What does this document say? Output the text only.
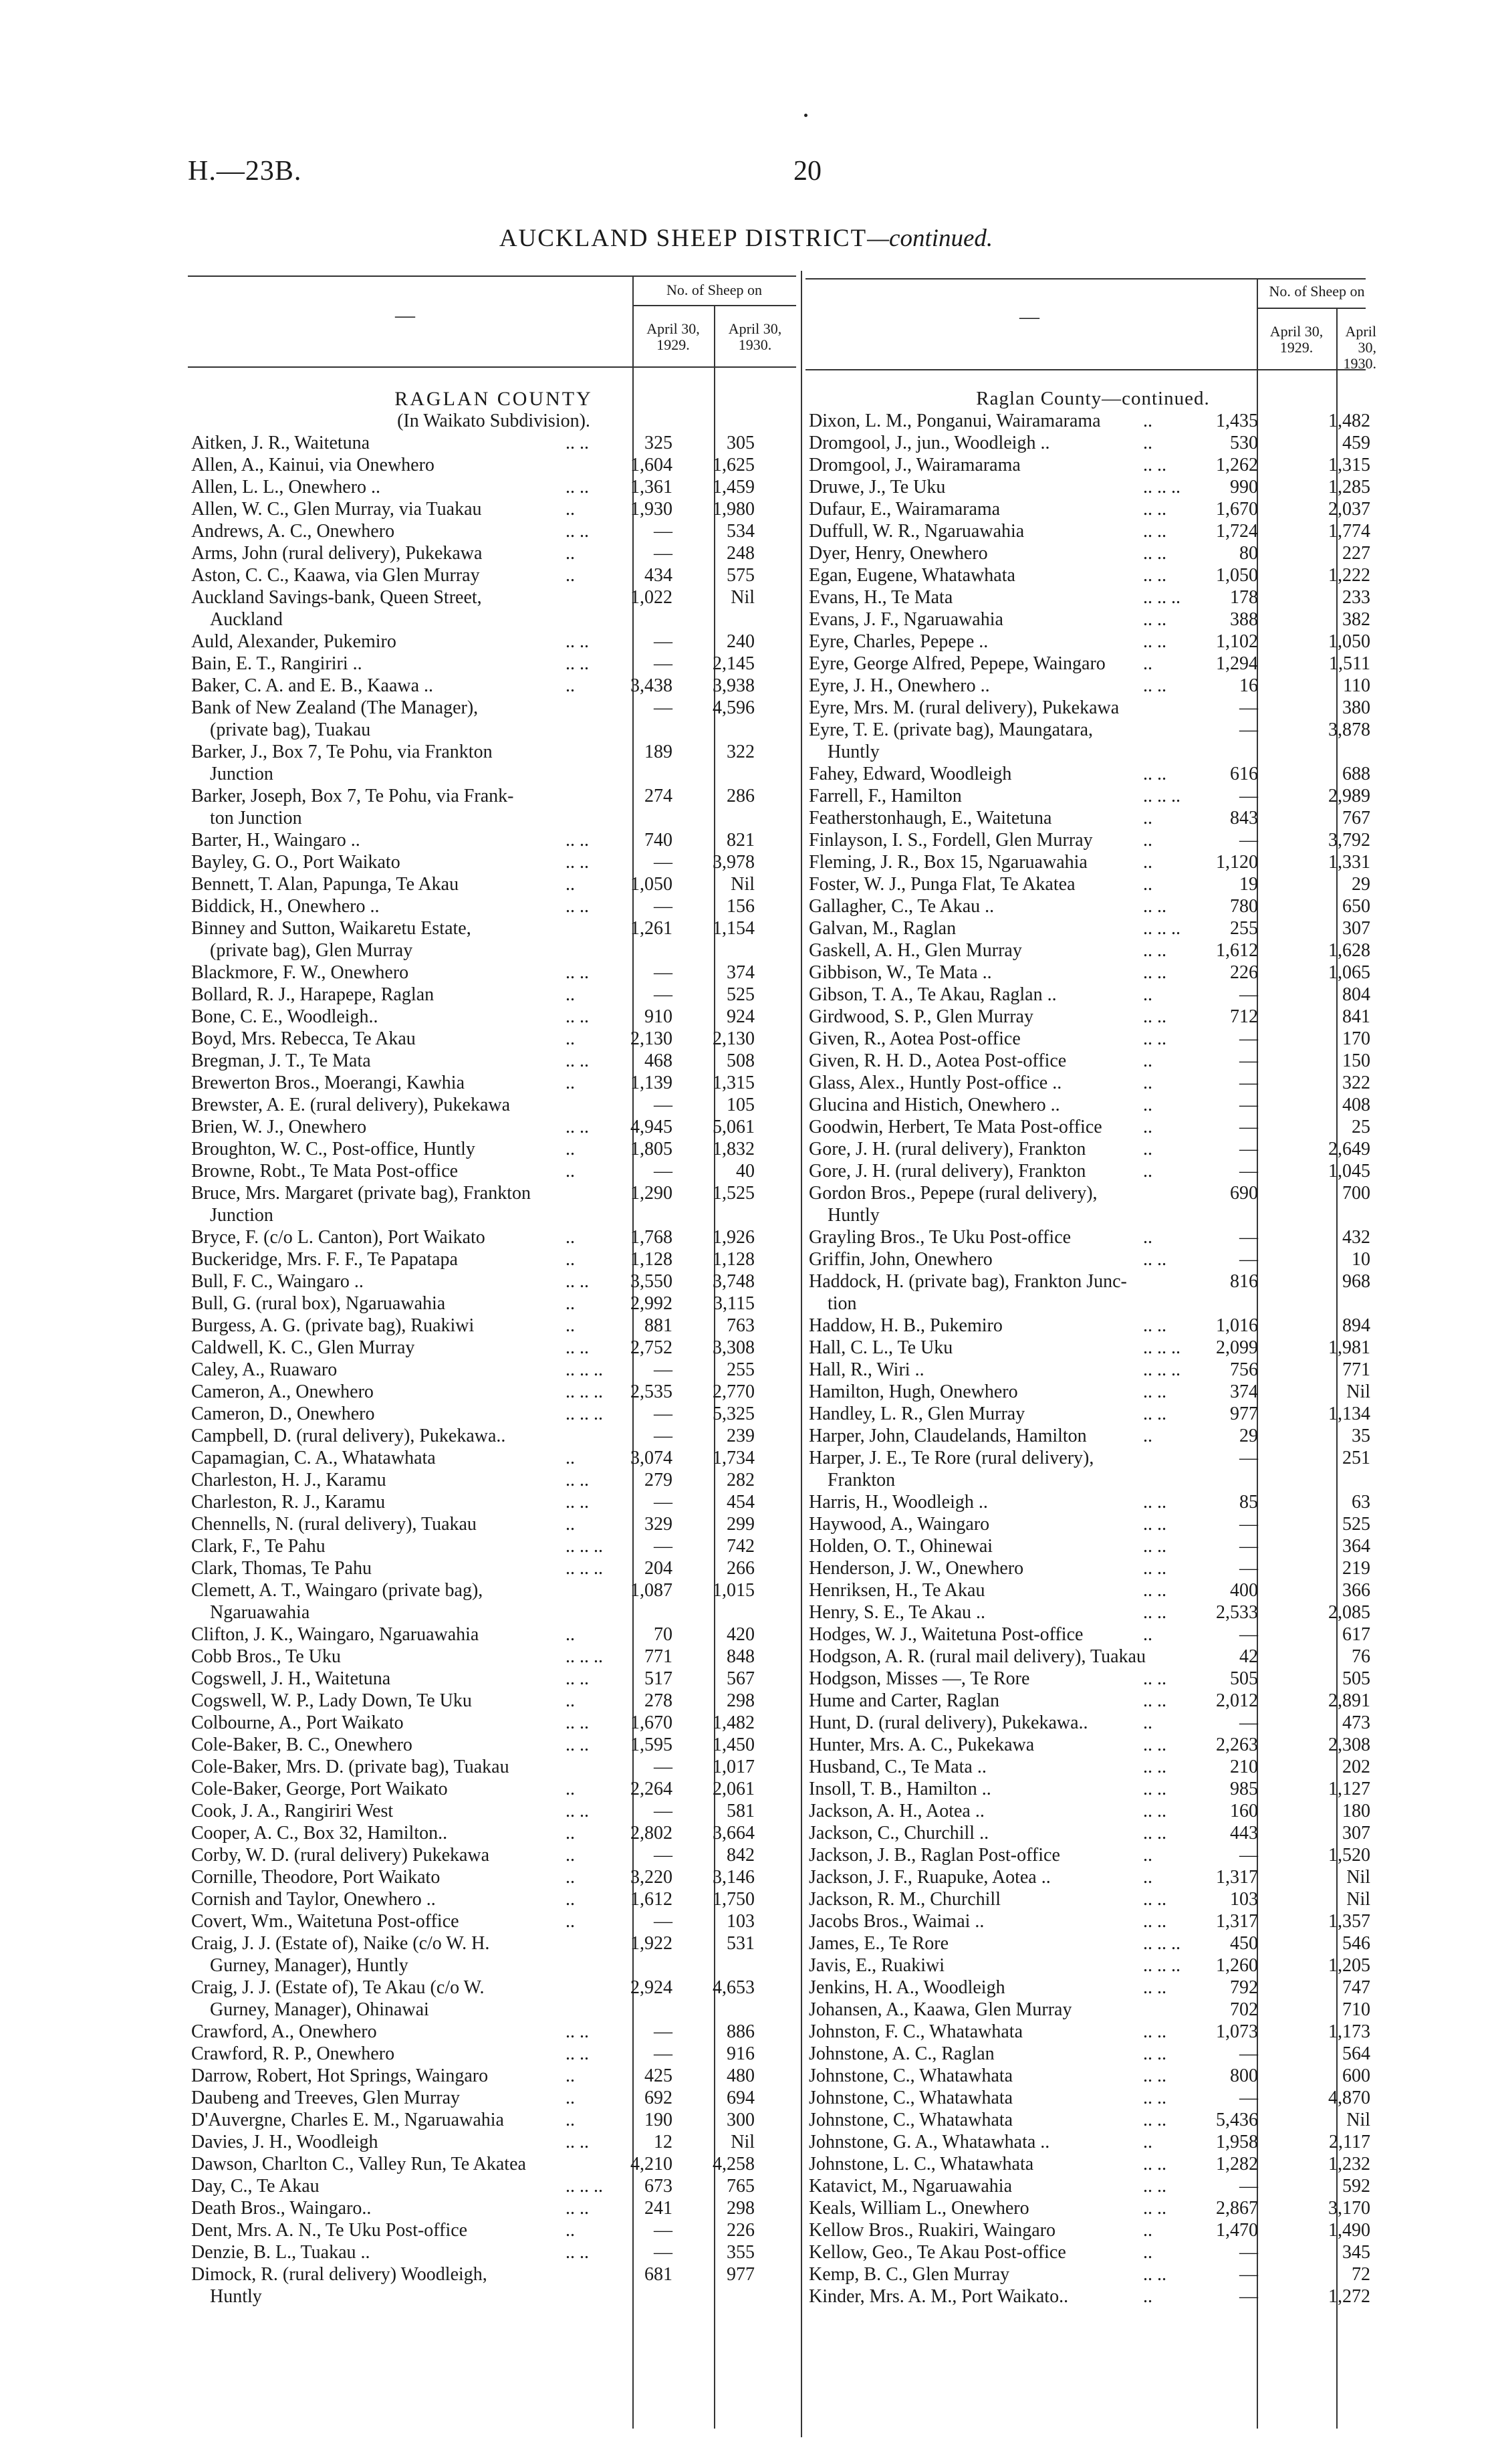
H.—23B.	20
AUCKLAND SHEEP DISTRICT—continued.
—
No. of Sheep on
April 30,
1929.
April 30,
1930.
—
No. of Sheep on
April 30,
1929.
April 30,
1930.
RAGLAN COUNTY
(In Waikato Subdivision).
Aitken, J. R., Waitetuna	.. ..	325	305
Allen, A., Kainui, via Onewhero	1,604 1,625
Allen, L. L., Onewhero ..	.. .. 1,361 1,459
Allen, W. C., Glen Murray, via Tuakau	..	1,930 1,980
Andrews, A. C., Onewhero	.. ..	—	534
Arms, John (rural delivery), Pukekawa	..	—	248
Aston, C. C., Kaawa, via Glen Murray	..	434	575
Auckland Savings-bank, Queen Street,	1,022	Nil
Auckland
Auld, Alexander, Pukemiro	.. ..	—	240
Bain, E. T., Rangiriri ..	.. ..	— 2,145
Baker, C. A. and E. B., Kaawa ..	..	3,438 3,938
Bank of New Zealand (The Manager),	— 4,596
(private bag), Tuakau
Barker, J., Box 7, Te Pohu, via Frankton	189	322
Junction
Barker, Joseph, Box 7, Te Pohu, via Frank-	274	286
ton Junction
Barter, H., Waingaro ..	.. ..	740	821
Bayley, G. O., Port Waikato	.. ..	— 3,978
Bennett, T. Alan, Papunga, Te Akau	..	1,050	Nil
Biddick, H., Onewhero ..	.. ..	—	156
Binney and Sutton, Waikaretu Estate,	1,261 1,154
(private bag), Glen Murray
Blackmore, F. W., Onewhero	.. ..	—	374
Bollard, R. J., Harapepe, Raglan	..	—	525
Bone, C. E., Woodleigh..	.. ..	910	924
Boyd, Mrs. Rebecca, Te Akau	..	2,130 2,130
Bregman, J. T., Te Mata	.. ..	468	508
Brewerton Bros., Moerangi, Kawhia	..	1,139 1,315
Brewster, A. E. (rural delivery), Pukekawa	—	105
Brien, W. J., Onewhero	.. .. 4,945 5,061
Broughton, W. C., Post-office, Huntly	..	1,805 1,832
Browne, Robt., Te Mata Post-office	..	—	40
Bruce, Mrs. Margaret (private bag), Frankton	1,290 1,525
Junction
Bryce, F. (c/o L. Canton), Port Waikato	..	1,768 1,926
Buckeridge, Mrs. F. F., Te Papatapa	..	1,128 1,128
Bull, F. C., Waingaro ..	.. .. 3,550 3,748
Bull, G. (rural box), Ngaruawahia	..	2,992 3,115
Burgess, A. G. (private bag), Ruakiwi	..	881	763
Caldwell, K. C., Glen Murray	.. .. 2,752 3,308
Caley, A., Ruawaro	.. .. ..	—	255
Cameron, A., Onewhero	.. .. .. 2,535 2,770
Cameron, D., Onewhero	.. .. ..	— 5,325
Campbell, D. (rural delivery), Pukekawa..	—	239
Capamagian, C. A., Whatawhata	..	3,074 1,734
Charleston, H. J., Karamu	.. ..	279	282
Charleston, R. J., Karamu	.. ..	—	454
Chennells, N. (rural delivery), Tuakau	..	329	299
Clark, F., Te Pahu	.. .. ..	—	742
Clark, Thomas, Te Pahu	.. .. .. 204	266
Clemett, A. T., Waingaro (private bag),	1,087 1,015
Ngaruawahia
Clifton, J. K., Waingaro, Ngaruawahia	..	70	420
Cobb Bros., Te Uku	.. .. .. 771	848
Cogswell, J. H., Waitetuna	.. ..	517	567
Cogswell, W. P., Lady Down, Te Uku	..	278	298
Colbourne, A., Port Waikato	.. .. 1,670 1,482
Cole-Baker, B. C., Onewhero	.. .. 1,595 1,450
Cole-Baker, Mrs. D. (private bag), Tuakau	— 1,017
Cole-Baker, George, Port Waikato	..	2,264 2,061
Cook, J. A., Rangiriri West	.. ..	—	581
Cooper, A. C., Box 32, Hamilton..	..	2,802 3,664
Corby, W. D. (rural delivery) Pukekawa	..	—	842
Cornille, Theodore, Port Waikato	..	3,220 3,146
Cornish and Taylor, Onewhero ..	..	1,612 1,750
Covert, Wm., Waitetuna Post-office	..	—	103
Craig, J. J. (Estate of), Naike (c/o W. H.	1,922	531
Gurney, Manager), Huntly
Craig, J. J. (Estate of), Te Akau (c/o W.	2,924 4,653
Gurney, Manager), Ohinawai
Crawford, A., Onewhero	.. ..	—	886
Crawford, R. P., Onewhero	.. ..	—	916
Darrow, Robert, Hot Springs, Waingaro	..	425	480
Daubeng and Treeves, Glen Murray	..	692	694
D'Auvergne, Charles E. M., Ngaruawahia	..	190	300
Davies, J. H., Woodleigh	.. ..	12	Nil
Dawson, Charlton C., Valley Run, Te Akatea	4,210 4,258
Day, C., Te Akau	.. .. .. 673	765
Death Bros., Waingaro..	.. ..	241	298
Dent, Mrs. A. N., Te Uku Post-office	..	—	226
Denzie, B. L., Tuakau ..	.. ..	—	355
Dimock, R. (rural delivery) Woodleigh,	681	977
Huntly
Raglan County—continued.
Dixon, L. M., Ponganui, Wairamarama ..	1,435	1,482
Dromgool, J., jun., Woodleigh ..	..	530	459
Dromgool, J., Wairamarama	.. ..	1,262	1,315
Druwe, J., Te Uku	.. .. ..	990	1,285
Dufaur, E., Wairamarama	.. ..	1,670	2,037
Duffull, W. R., Ngaruawahia	.. ..	1,724	1,774
Dyer, Henry, Onewhero	.. ..	80	227
Egan, Eugene, Whatawhata	.. ..	1,050	1,222
Evans, H., Te Mata	.. .. ..	178	233
Evans, J. F., Ngaruawahia	.. ..	388	382
Eyre, Charles, Pepepe ..	.. ..	1,102	1,050
Eyre, George Alfred, Pepepe, Waingaro ..	1,294	1,511
Eyre, J. H., Onewhero ..	.. ..	16	110
Eyre, Mrs. M. (rural delivery), Pukekawa	—	380
Eyre, T. E. (private bag), Maungatara,	—	3,878
Huntly
Fahey, Edward, Woodleigh	.. ..	616	688
Farrell, F., Hamilton	.. .. ..	—	2,989
Featherstonhaugh, E., Waitetuna	..	843	767
Finlayson, I. S., Fordell, Glen Murray	..	—	3,792
Fleming, J. R., Box 15, Ngaruawahia	..	1,120	1,331
Foster, W. J., Punga Flat, Te Akatea	..	19	29
Gallagher, C., Te Akau ..	.. ..	780	650
Galvan, M., Raglan	.. .. ..	255	307
Gaskell, A. H., Glen Murray	.. ..	1,612	1,628
Gibbison, W., Te Mata ..	.. ..	226	1,065
Gibson, T. A., Te Akau, Raglan ..	..	—	804
Girdwood, S. P., Glen Murray	.. ..	712	841
Given, R., Aotea Post-office	.. ..	—	170
Given, R. H. D., Aotea Post-office	..	—	150
Glass, Alex., Huntly Post-office ..	..	—	322
Glucina and Histich, Onewhero ..	..	—	408
Goodwin, Herbert, Te Mata Post-office ..	—	25
Gore, J. H. (rural delivery), Frankton	..	—	2,649
Gore, J. H. (rural delivery), Frankton	..	—	1,045
Gordon Bros., Pepepe (rural delivery),	690	700
Huntly
Grayling Bros., Te Uku Post-office	..	—	432
Griffin, John, Onewhero	.. ..	—	10
Haddock, H. (private bag), Frankton Junc-	816	968
tion
Haddow, H. B., Pukemiro	.. ..	1,016	894
Hall, C. L., Te Uku	.. .. .. 2,099	1,981
Hall, R., Wiri ..	.. .. ..	756	771
Hamilton, Hugh, Onewhero	.. ..	374	Nil
Handley, L. R., Glen Murray	.. ..	977	1,134
Harper, John, Claudelands, Hamilton	..	29	35
Harper, J. E., Te Rore (rural delivery),	—	251
Frankton
Harris, H., Woodleigh ..	.. ..	85	63
Haywood, A., Waingaro	.. ..	—	525
Holden, O. T., Ohinewai	.. ..	—	364
Henderson, J. W., Onewhero	.. ..	—	219
Henriksen, H., Te Akau	.. ..	400	366
Henry, S. E., Te Akau ..	.. ..	2,533	2,085
Hodges, W. J., Waitetuna Post-office	..	—	617
Hodgson, A. R. (rural mail delivery), Tuakau	42	76
Hodgson, Misses —, Te Rore	.. ..	505	505
Hume and Carter, Raglan	.. ..	2,012	2,891
Hunt, D. (rural delivery), Pukekawa..	..	—	473
Hunter, Mrs. A. C., Pukekawa	.. ..	2,263	2,308
Husband, C., Te Mata ..	.. ..	210	202
Insoll, T. B., Hamilton ..	.. ..	985	1,127
Jackson, A. H., Aotea ..	.. ..	160	180
Jackson, C., Churchill ..	.. ..	443	307
Jackson, J. B., Raglan Post-office	..	—	1,520
Jackson, J. F., Ruapuke, Aotea ..	..	1,317	Nil
Jackson, R. M., Churchill	.. ..	103	Nil
Jacobs Bros., Waimai ..	.. ..	1,317	1,357
James, E., Te Rore	.. .. ..	450	546
Javis, E., Ruakiwi	.. .. .. 1,260	1,205
Jenkins, H. A., Woodleigh	.. ..	792	747
Johansen, A., Kaawa, Glen Murray	702	710
Johnston, F. C., Whatawhata	.. ..	1,073	1,173
Johnstone, A. C., Raglan	.. ..	—	564
Johnstone, C., Whatawhata	.. ..	800	600
Johnstone, C., Whatawhata	.. ..	—	4,870
Johnstone, C., Whatawhata	.. ..	5,436	Nil
Johnstone, G. A., Whatawhata ..	..	1,958	2,117
Johnstone, L. C., Whatawhata	.. ..	1,282	1,232
Katavict, M., Ngaruawahia	.. ..	—	592
Keals, William L., Onewhero	.. ..	2,867	3,170
Kellow Bros., Ruakiri, Waingaro	..	1,470	1,490
Kellow, Geo., Te Akau Post-office	..	—	345
Kemp, B. C., Glen Murray	.. ..	—	72
Kinder, Mrs. A. M., Port Waikato..	..	—	1,272
